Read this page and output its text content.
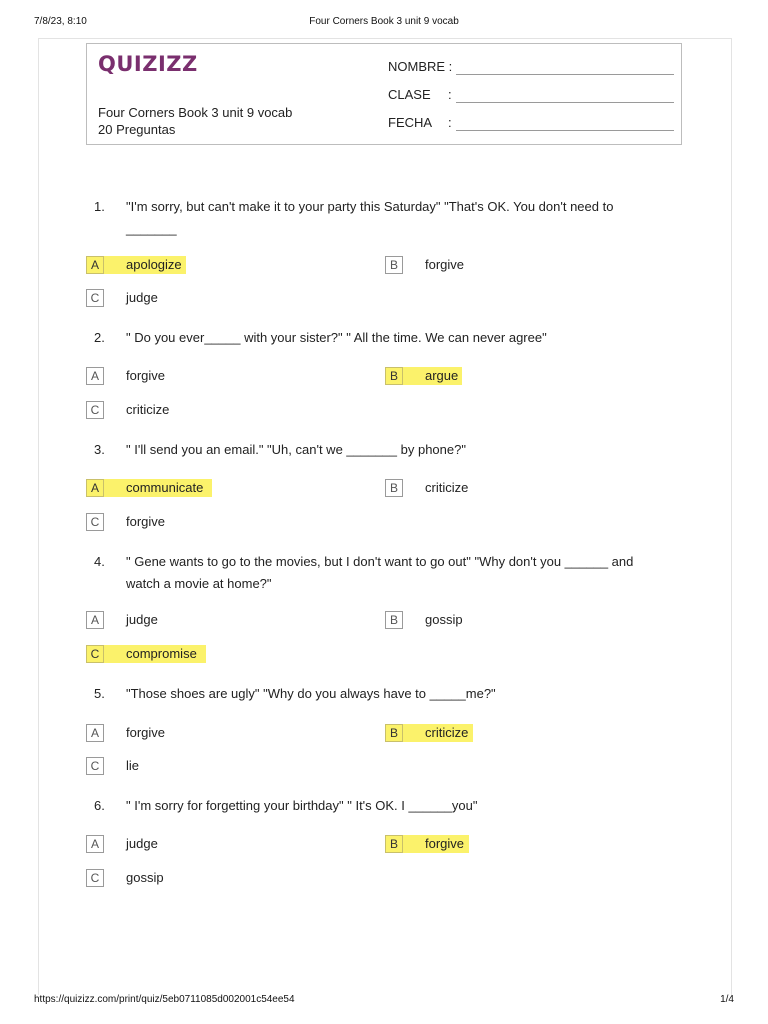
7/8/23, 8:10	Four Corners Book 3 unit 9 vocab
QUIZIZZ
Four Corners Book 3 unit 9 vocab
20 Preguntas
NOMBRE :
CLASE :
FECHA :
1. "I'm sorry, but can't make it to your party this Saturday" "That's OK. You don't need to _______
A	apologize	B	forgive
C	judge
2. " Do you ever_____ with your sister?" " All the time. We can never agree"
A	forgive	B	argue
C	criticize
3. " I'll send you an email." "Uh, can't we _______ by phone?"
A	communicate	B	criticize
C	forgive
4. " Gene wants to go to the movies, but I don't want to go out" "Why don't you ______ and watch a movie at home?"
A	judge	B	gossip
C	compromise
5. "Those shoes are ugly" "Why do you always have to _____me?"
A	forgive	B	criticize
C	lie
6. " I'm sorry for forgetting your birthday" " It's OK. I ______you"
A	judge	B	forgive
C	gossip
https://quizizz.com/print/quiz/5eb0711085d002001c54ee54	1/4
